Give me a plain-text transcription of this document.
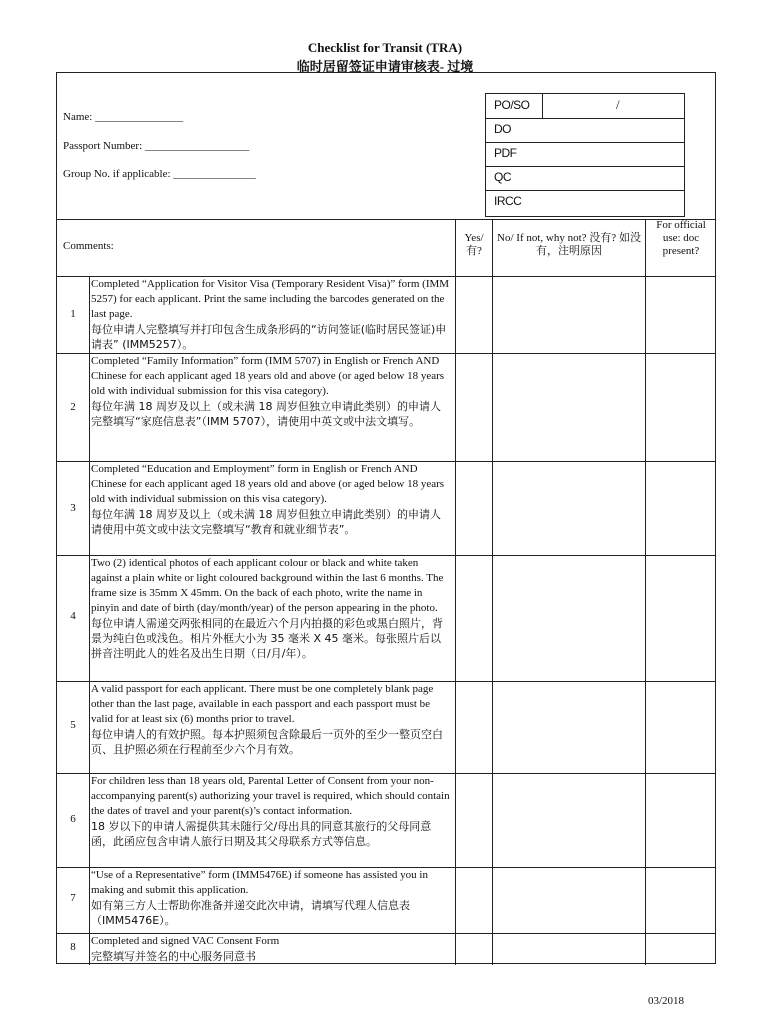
Checklist for Transit (TRA)
临时居留签证申请审核表- 过境
Name: ________________
Passport Number: ___________________
Group No. if applicable: _______________
/
PO/SO
DO
PDF
QC
IRCC
Comments:
Yes/ 有?
No/ If not, why not? 没有? 如没有，注明原因
For official use: doc present?
1
Completed “Application for Visitor Visa (Temporary Resident Visa)” form (IMM 5257) for each applicant. Print the same including the barcodes generated on the last page.
每位申请人完整填写并打印包含生成条形码的“访问签证(临时居民签证)申请表” (IMM5257）。
2
Completed “Family Information” form (IMM 5707) in English or French AND Chinese for each applicant aged 18 years old and above (or aged below 18 years old with individual submission for this visa category).
每位年满 18 周岁及以上（或未满 18 周岁但独立申请此类别）的申请人完整填写“家庭信息表”（IMM 5707），请使用中英文或中法文填写。
3
Completed “Education and Employment” form in English or French AND Chinese for each applicant aged 18 years old and above (or aged below 18 years old with individual submission on this visa category).
每位年满 18 周岁及以上（或未满 18 周岁但独立申请此类别）的申请人请使用中英文或中法文完整填写“教育和就业细节表”。
4
Two (2) identical photos of each applicant colour or black and white taken against a plain white or light coloured background within the last 6 months. The frame size is 35mm X 45mm. On the back of each photo, write the name in pinyin and date of birth (day/month/year) of the person appearing in the photo.
每位申请人需递交两张相同的在最近六个月内拍摄的彩色或黑白照片，背景为纯白色或浅色。相片外框大小为 35 毫米 X 45 毫米。每张照片后以拼音注明此人的姓名及出生日期（日/月/年）。
5
A valid passport for each applicant. There must be one completely blank page other than the last page, available in each passport and each passport must be valid for at least six (6) months prior to travel.
每位申请人的有效护照。每本护照须包含除最后一页外的至少一整页空白页、且护照必须在行程前至少六个月有效。
6
For children less than 18 years old, Parental Letter of Consent from your non-accompanying parent(s) authorizing your travel is required, which should contain the dates of travel and your parent(s)’s contact information.
18 岁以下的申请人需提供其未随行父/母出具的同意其旅行的父母同意函，此函应包含申请人旅行日期及其父母联系方式等信息。
7
“Use of a Representative” form (IMM5476E) if someone has assisted you in making and submit this application.
如有第三方人士帮助你准备并递交此次申请，请填写代理人信息表（IMM5476E）。
8	Completed and signed VAC Consent Form
完整填写并签名的中心服务同意书
03/2018
